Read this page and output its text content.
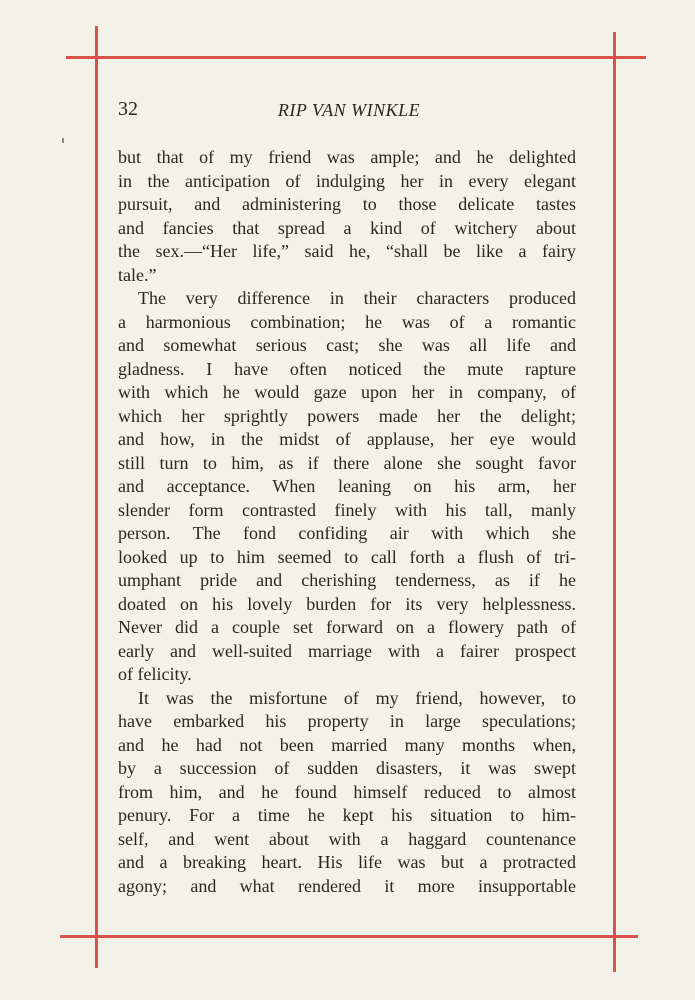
32	RIP VAN WINKLE

but that of my friend was ample; and he delighted
in the anticipation of indulging her in every elegant
pursuit, and administering to those delicate tastes
and fancies that spread a kind of witchery about
the sex.—“Her life,” said he, “shall be like a fairy
tale.”

The very difference in their characters produced
a harmonious combination; he was of a romantic
and somewhat serious cast; she was all life and
gladness. I have often noticed the mute rapture
with which he would gaze upon her in company, of
which her sprightly powers made her the delight;
and how, in the midst of applause, her eye would
still turn to him, as if there alone she sought favor
and acceptance. When leaning on his arm, her
slender form contrasted finely with his tall, manly
person. The fond confiding air with which she
looked up to him seemed to call forth a flush of tri-
umphant pride and cherishing tenderness, as if he
doated on his lovely burden for its very helplessness.
Never did a couple set forward on a flowery path of
early and well-suited marriage with a fairer prospect
of felicity.

It was the misfortune of my friend, however, to
have embarked his property in large speculations;
and he had not been married many months when,
by a succession of sudden disasters, it was swept
from him, and he found himself reduced to almost
penury. For a time he kept his situation to him-
self, and went about with a haggard countenance
and a breaking heart. His life was but a protracted
agony; and what rendered it more insupportable
